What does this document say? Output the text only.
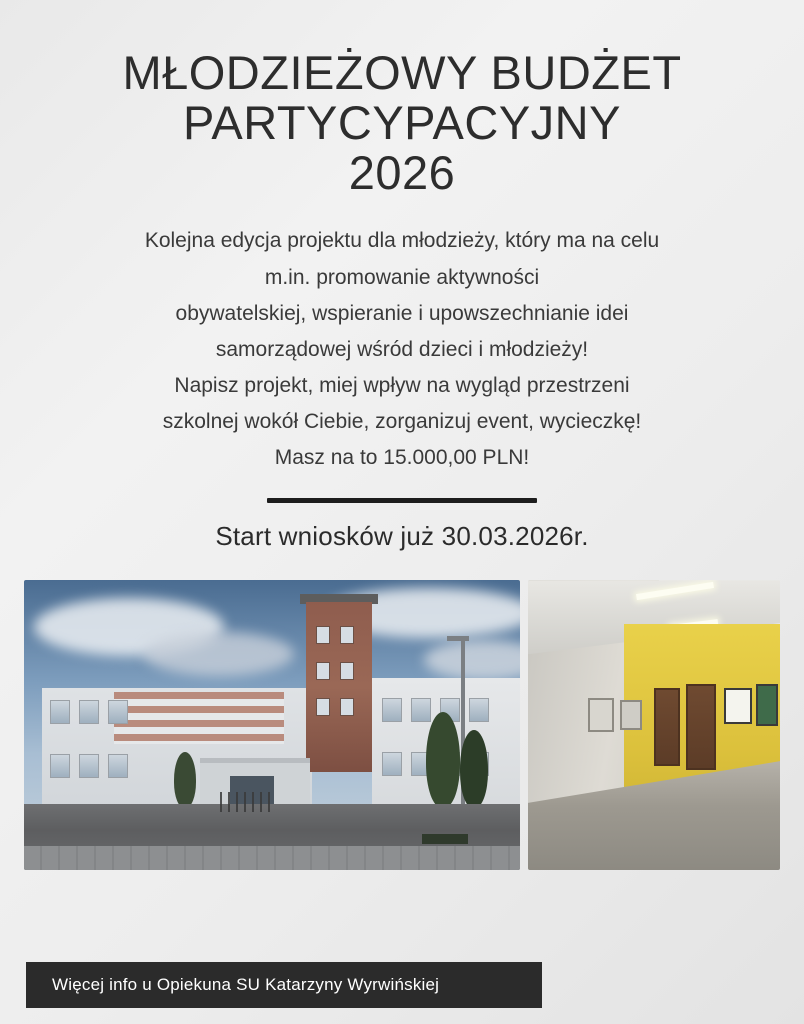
MŁODZIEŻOWY BUDŻET
PARTYCYPACYJNY
2026

Kolejna edycja projektu dla młodzieży, który ma na celu

m.in. promowanie aktywności

obywatelskiej, wspieranie i upowszechnianie idei

samorządowej wśród dzieci i młodzieży!

Napisz projekt, miej wpływ na wygląd przestrzeni

szkolnej wokół Ciebie, zorganizuj event, wycieczkę!

Masz na to 15.000,00 PLN!

Start wniosków już 30.03.2026r.
Więcej info u Opiekuna SU Katarzyny Wyrwińskiej
